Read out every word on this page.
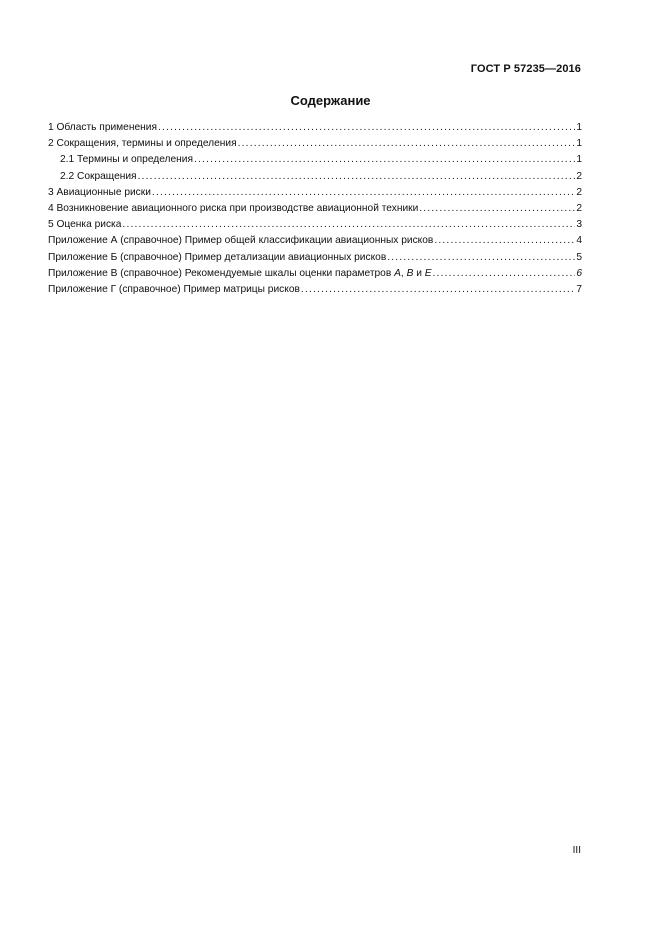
ГОСТ Р 57235—2016
Содержание
1 Область применения .....	1
2 Сокращения, термины и определения .....	1
2.1 Термины и определения .....	1
2.2 Сокращения .....	2
3 Авиационные риски .....	2
4 Возникновение авиационного риска при производстве авиационной техники .....	2
5 Оценка риска .....	3
Приложение А (справочное) Пример общей классификации авиационных рисков .....	4
Приложение Б (справочное) Пример детализации авиационных рисков .....	5
Приложение В (справочное) Рекомендуемые шкалы оценки параметров А, В и Е .....	6
Приложение Г (справочное) Пример матрицы рисков .....	7
III
